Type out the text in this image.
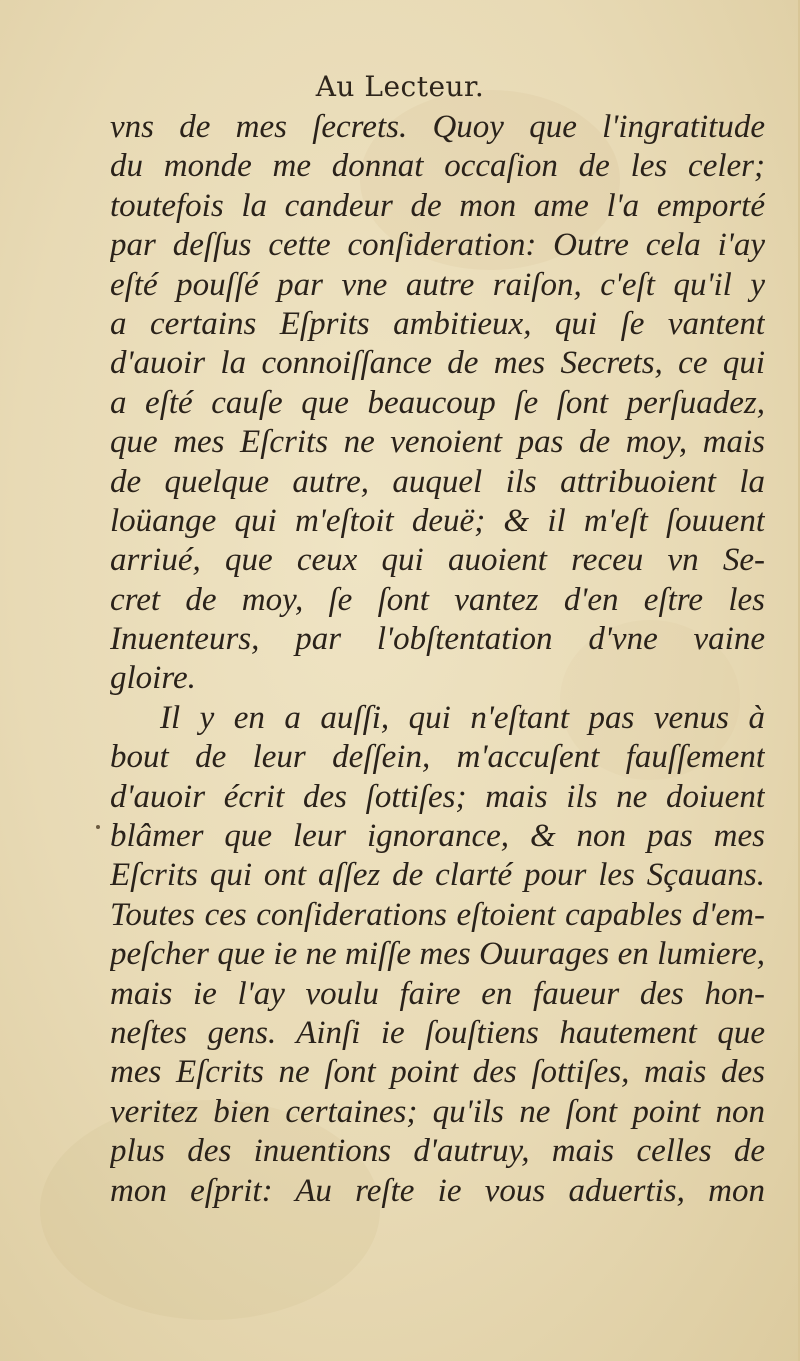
Au Lecteur.
vns de mes ſecrets. Quoy que l'ingratitude
du monde me donnat occaſion de les celer;
toutefois la candeur de mon ame l'a emporté
par deſſus cette conſideration: Outre cela i'ay
eſté pouſſé par vne autre raiſon, c'eſt qu'il y
a certains Eſprits ambitieux, qui ſe vantent
d'auoir la connoiſſance de mes Secrets, ce qui
a eſté cauſe que beaucoup ſe ſont perſuadez,
que mes Eſcrits ne venoient pas de moy, mais
de quelque autre, auquel ils attribuoient la
loüange qui m'eſtoit deuë; & il m'eſt ſouuent
arriué, que ceux qui auoient receu vn Se-
cret de moy, ſe ſont vantez d'en eſtre les
Inuenteurs, par l'obſtentation d'vne vaine
gloire.
Il y en a auſſi, qui n'eſtant pas venus à
bout de leur deſſein, m'accuſent fauſſement
d'auoir écrit des ſottiſes; mais ils ne doiuent
blâmer que leur ignorance, & non pas mes
Eſcrits qui ont aſſez de clarté pour les Sçauans.
Toutes ces conſiderations eſtoient capables d'em-
peſcher que ie ne miſſe mes Ouurages en lumiere,
mais ie l'ay voulu faire en faueur des hon-
neſtes gens. Ainſi ie ſouſtiens hautement que
mes Eſcrits ne ſont point des ſottiſes, mais des
veritez bien certaines; qu'ils ne ſont point non
plus des inuentions d'autruy, mais celles de
mon eſprit: Au reſte ie vous aduertis, mon
